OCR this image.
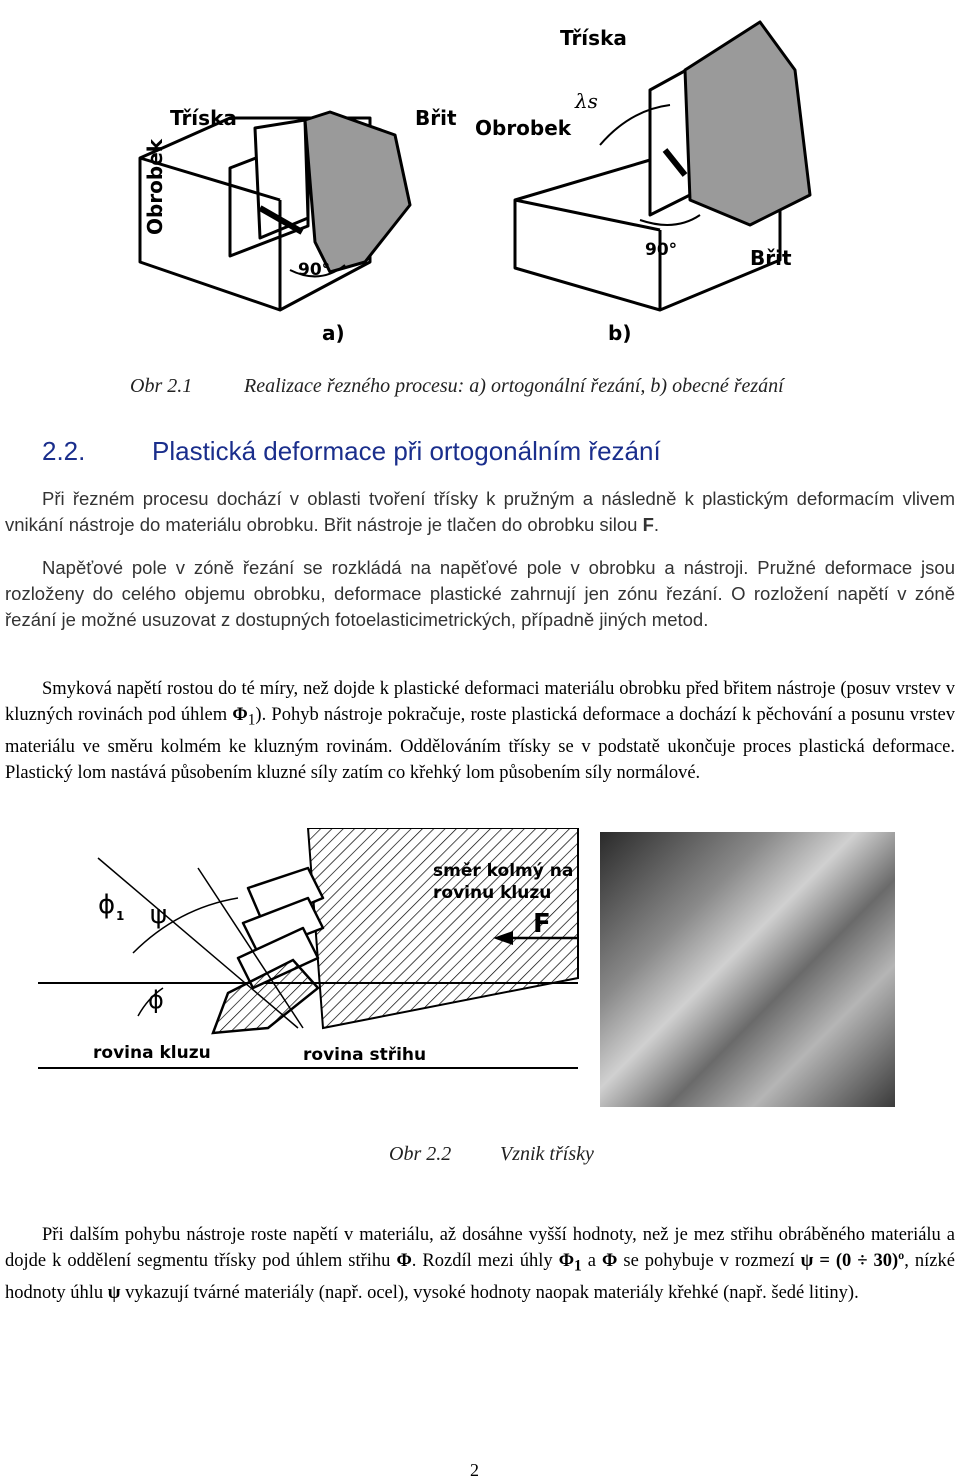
Tříska	Břit
Obrobek
90°
a)
Tříska
Obrobek
λs
90°	Břit
b)
Obr 2.1	Realizace řezného procesu: a) ortogonální řezání, b) obecné řezání
2.2.	Plastická deformace při ortogonálním řezání

Při řezném procesu dochází v oblasti tvoření třísky k pružným a následně k plastickým deformacím vlivem vnikání nástroje do materiálu obrobku. Břit nástroje je tlačen do obrobku silou F.

Napěťové pole v zóně řezání se rozkládá na napěťové pole v obrobku a nástroji. Pružné deformace jsou rozloženy do celého objemu obrobku, deformace plastické zahrnují jen zónu řezání. O rozložení napětí v zóně řezání je možné usuzovat z dostupných fotoelasticimetrických, případně jiných metod.

Smyková napětí rostou do té míry, než dojde k plastické deformaci materiálu obrobku před břitem nástroje (posuv vrstev v kluzných rovinách pod úhlem $\Phi_1$). Pohyb nástroje pokračuje, roste plastická deformace a dochází k pěchování a posunu vrstev materiálu ve směru kolmém ke kluzným rovinám. Oddělováním třísky se v podstatě ukončuje proces plastická deformace. Plastický lom nastává působením kluzné síly zatím co křehký lom působením síly normálové.

směr kolmý na
rovinu kluzu
F
ϕ 1 ψ
ϕ
rovina kluzu	rovina střihu
Obr 2.2 Vznik třísky

Při dalším pohybu nástroje roste napětí v materiálu, až dosáhne vyšší hodnoty, než je mez střihu obráběného materiálu a dojde k oddělení segmentu třísky pod úhlem střihu Φ. Rozdíl mezi úhly $\Phi_1$ a Φ se pohybuje v rozmezí ψ = (0 ÷ 30)º, nízké hodnoty úhlu ψ vykazují tvárné materiály (např. ocel), vysoké hodnoty naopak materiály křehké (např. šedé litiny).

2
